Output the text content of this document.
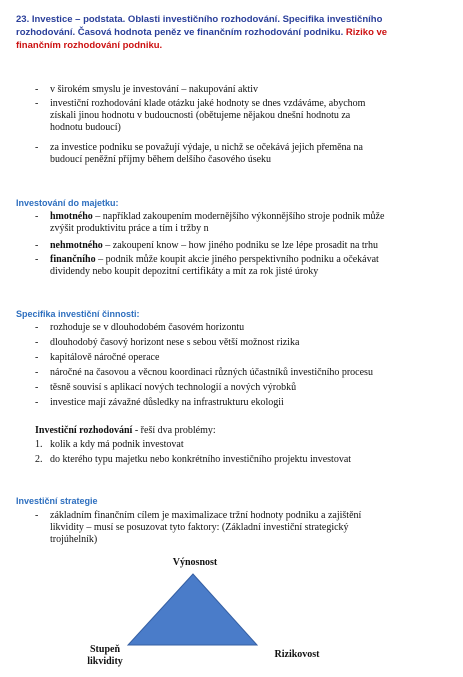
23. Investice – podstata. Oblasti investičního rozhodování. Specifika investičního
rozhodování. Časová hodnota peněz ve finančním rozhodování podniku. Riziko ve
finančním rozhodování podniku.
- v širokém smyslu je investování – nakupování aktiv
- investiční rozhodování klade otázku jaké hodnoty se dnes vzdáváme, abychom
získali jinou hodnotu v budoucnosti (obětujeme nějakou dnešní hodnotu za
hodnotu budoucí)
- za investice podniku se považují výdaje, u nichž se očekává jejich přeměna na
budoucí peněžní příjmy během delšího časového úseku
Investování do majetku:
- hmotného – například zakoupením modernějšího výkonnějšího stroje podnik může
zvýšit produktivitu práce a tím i tržby n
- nehmotného – zakoupení know – how jiného podniku se lze lépe prosadit na trhu
- finančního – podnik může koupit akcie jiného perspektivního podniku a očekávat
dividendy nebo koupit depozitní certifikáty a mít za rok jisté úroky
Specifika investiční činnosti:
- rozhoduje se v dlouhodobém časovém horizontu
- dlouhodobý časový horizont nese s sebou větší možnost rizika
- kapitálově náročné operace
- náročné na časovou a věcnou koordinaci různých účastníků investičního procesu
- těsně souvisí s aplikací nových technologií a nových výrobků
- investice mají závažné důsledky na infrastrukturu ekologii
Investiční rozhodování - řeší dva problémy:
1. kolik a kdy má podnik investovat
2. do kterého typu majetku nebo konkrétního investičního projektu investovat
Investiční strategie
- základním finančním cílem je maximalizace tržní hodnoty podniku a zajištění
likvidity – musí se posuzovat tyto faktory: (Základní investiční strategický
trojúhelník)
Výnosnost
Stupeň
likvidity
Rizikovost
